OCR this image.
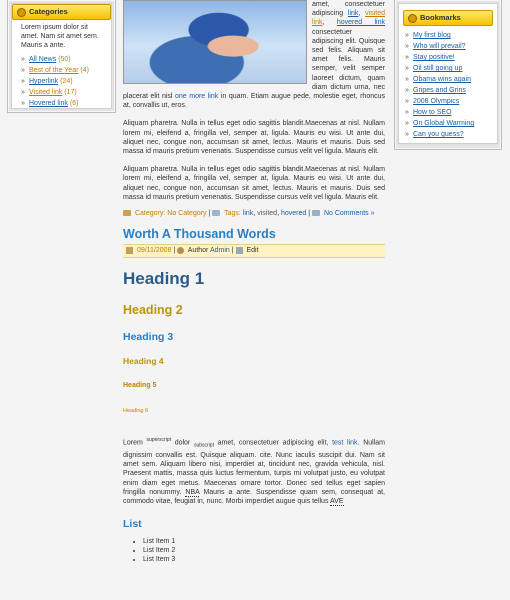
Categories
Lorem ipsum dolor sit amet. Nam sit amet sem. Mauris a ante.
» All News (50)
» Best of the Year (4)
» Hyperlink (24)
» Visited link (17)
» Hovered link (6)
Bookmarks
» My first blog
» Who will prevail?
» Stay positive!
» Oil still going up
» Obama wins again
» Gripes and Grins
» 2008 Olympics
» How to SEO
» On Global Warming
» Can you guess?

amet, consectetuer adipiscing link, visited link, hovered link consectetuer adipiscing elit. Quisque sed felis. Aliquam sit amet felis. Mauris semper, velit semper laoreet dictum, quam diam dictum urna, nec placerat elit nisl one more link in quam. Etiam augue pede, molestie eget, rhoncus at, convallis ut, eros.

Aliquam pharetra. Nulla in tellus eget odio sagittis blandit.Maecenas at nisl. Nullam lorem mi, eleifend a, fringilla vel, semper at, ligula. Mauris eu wisi. Ut ante dui, aliquet nec, congue non, accumsan sit amet, lectus. Mauris et mauris. Duis sed massa id mauris pretium venenatis. Suspendisse cursus velit vel ligula. Mauris elit.

Aliquam pharetra. Nulla in tellus eget odio sagittis blandit.Maecenas at nisl. Nullam lorem mi, eleifend a, fringilla vel, semper at, ligula. Mauris eu wisi. Ut ante dui, aliquet nec, congue non, accumsan sit amet, lectus. Mauris et mauris. Duis sed massa id mauris pretium venenatis. Suspendisse cursus velit vel ligula. Mauris elit.

Category: No Category | Tags: link, visited, hovered | No Comments »
Worth A Thousand Words
09/11/2008 | Author Admin | Edit
Heading 1
Heading 2
Heading 3
Heading 4
Heading 5
Heading 6

Lorem $^{superscript}$ dolor $_{subscript}$ amet, consectetuer adipiscing elit, test link. Nullam dignissim convallis est. Quisque aliquam. cite. Nunc iaculis suscipit dui. Nam sit amet sem. Aliquam libero nisi, imperdiet at, tincidunt nec, gravida vehicula, nisl. Praesent mattis, massa quis luctus fermentum, turpis mi volutpat justo, eu volutpat enim diam eget metus. Maecenas ornare tortor. Donec sed tellus eget sapien fringilla nonummy. NBA Mauris a ante. Suspendisse quam sem, consequat at, commodo vitae, feugiat in, nunc. Morbi imperdiet augue quis tellus AVE

List
• List Item 1
• List Item 2
• List Item 3
